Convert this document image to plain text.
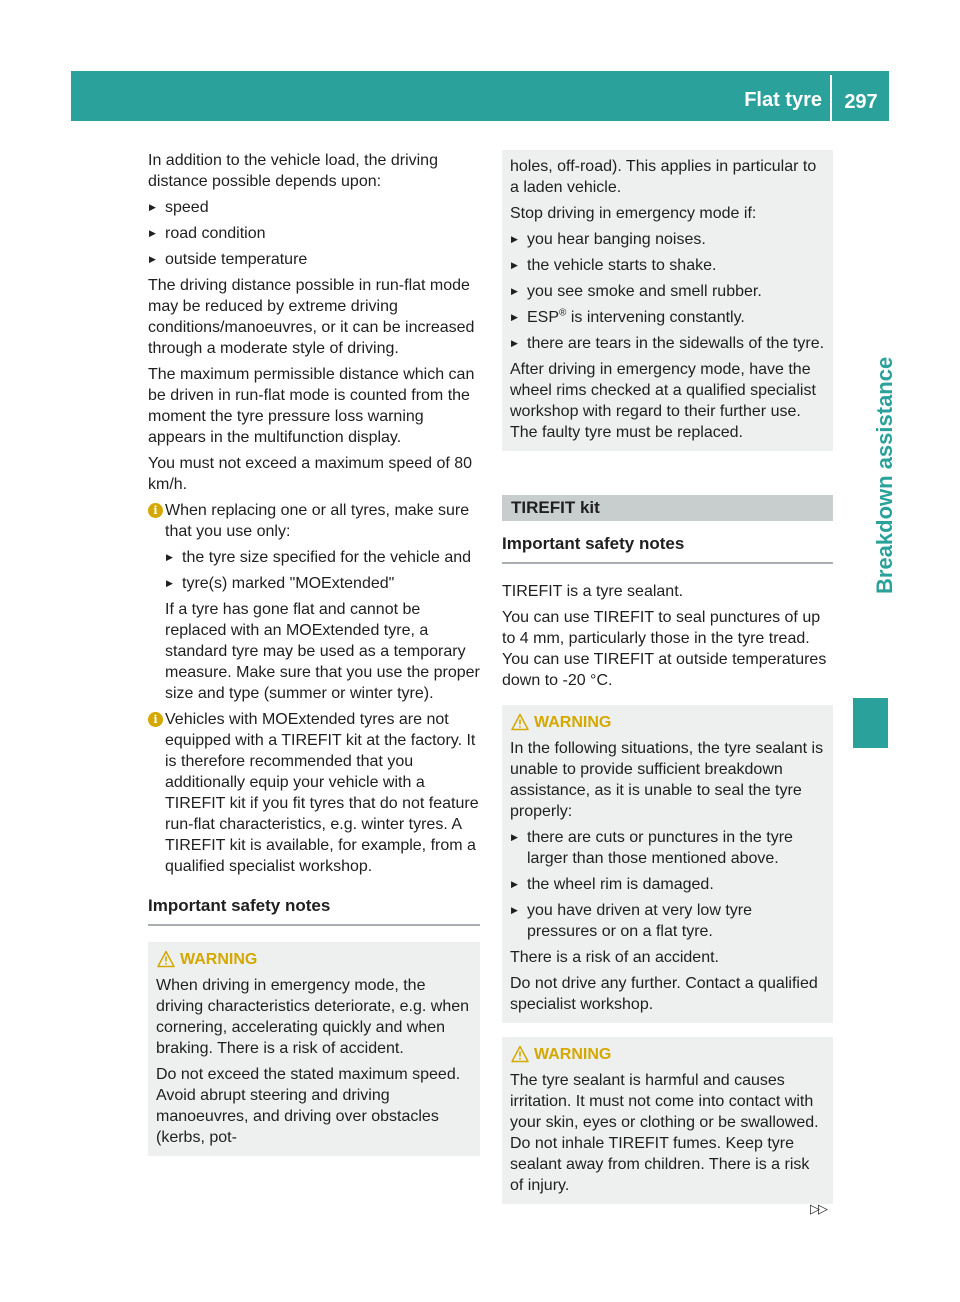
Flat tyre	297
Breakdown assistance

In addition to the vehicle load, the driving distance possible depends upon:

▶ speed
▶ road condition
▶ outside temperature

The driving distance possible in run-flat mode may be reduced by extreme driving conditions/manoeuvres, or it can be increased through a moderate style of driving.

The maximum permissible distance which can be driven in run-flat mode is counted from the moment the tyre pressure loss warning appears in the multifunction display.

You must not exceed a maximum speed of 80 km/h.

i When replacing one or all tyres, make sure that you use only:

▶ the tyre size specified for the vehicle and
▶ tyre(s) marked "MOExtended"

If a tyre has gone flat and cannot be replaced with an MOExtended tyre, a standard tyre may be used as a temporary measure. Make sure that you use the proper size and type (summer or winter tyre).

i Vehicles with MOExtended tyres are not equipped with a TIREFIT kit at the factory. It is therefore recommended that you additionally equip your vehicle with a TIREFIT kit if you fit tyres that do not feature run-flat characteristics, e.g. winter tyres. A TIREFIT kit is available, for example, from a qualified specialist workshop.

Important safety notes
WARNING

When driving in emergency mode, the driving characteristics deteriorate, e.g. when cornering, accelerating quickly and when braking. There is a risk of accident.

Do not exceed the stated maximum speed. Avoid abrupt steering and driving manoeuvres, and driving over obstacles (kerbs, pot-

holes, off-road). This applies in particular to a laden vehicle.

Stop driving in emergency mode if:

▶ you hear banging noises.
▶ the vehicle starts to shake.
▶ you see smoke and smell rubber.
▶ ESP® is intervening constantly.
▶ there are tears in the sidewalls of the tyre.

After driving in emergency mode, have the wheel rims checked at a qualified specialist workshop with regard to their further use. The faulty tyre must be replaced.

TIREFIT kit
Important safety notes

TIREFIT is a tyre sealant.

You can use TIREFIT to seal punctures of up to 4 mm, particularly those in the tyre tread. You can use TIREFIT at outside temperatures down to -20 °C.

WARNING

In the following situations, the tyre sealant is unable to provide sufficient breakdown assistance, as it is unable to seal the tyre properly:

▶ there are cuts or punctures in the tyre larger than those mentioned above.
▶ the wheel rim is damaged.
▶ you have driven at very low tyre pressures or on a flat tyre.

There is a risk of an accident.

Do not drive any further. Contact a qualified specialist workshop.

WARNING

The tyre sealant is harmful and causes irritation. It must not come into contact with your skin, eyes or clothing or be swallowed. Do not inhale TIREFIT fumes. Keep tyre sealant away from children. There is a risk of injury.

▷▷
